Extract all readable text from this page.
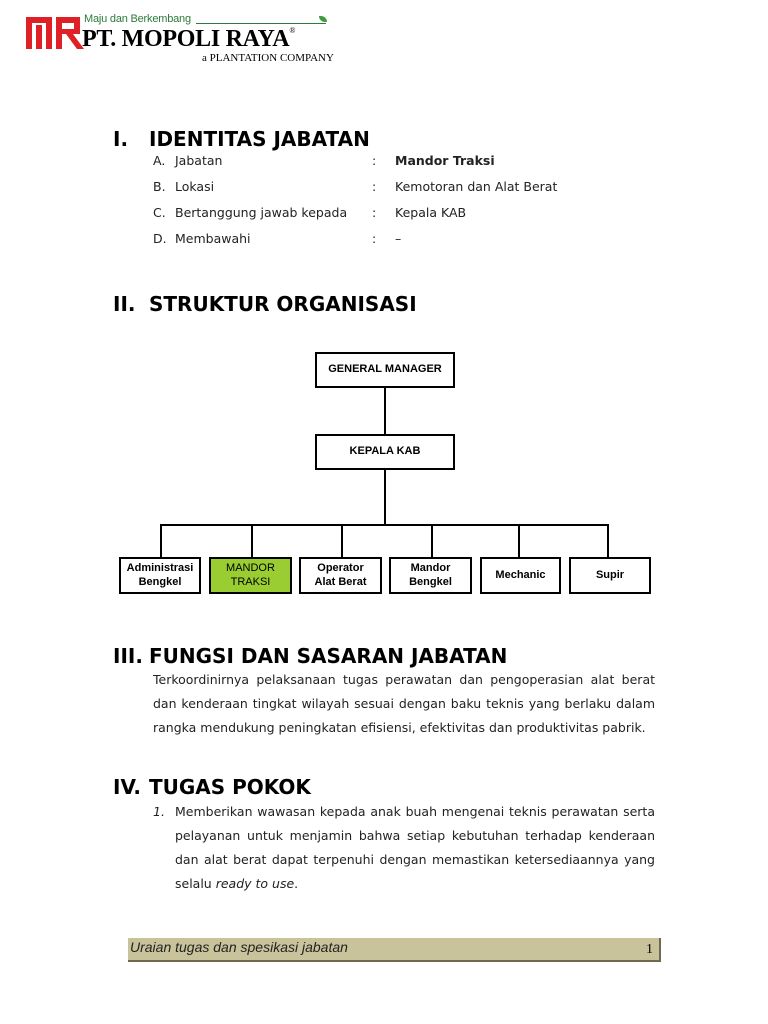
Maju dan Berkembang
PT. MOPOLI RAYA®
a PLANTATION COMPANY
I. IDENTITAS JABATAN
A. Jabatan	: Mandor Traksi
B. Lokasi	: Kemotoran dan Alat Berat
C. Bertanggung jawab kepada : Kepala KAB
D. Membawahi	: –
II. STRUKTUR ORGANISASI
GENERAL MANAGER
KEPALA KAB
Administrasi Bengkel
MANDOR TRAKSI
Operator Alat Berat
Mandor Bengkel
Mechanic	Supir
III. FUNGSI DAN SASARAN JABATAN

Terkoordinirnya pelaksanaan tugas perawatan dan pengoperasian alat berat dan kenderaan tingkat wilayah sesuai dengan baku teknis yang berlaku dalam rangka mendukung peningkatan efisiensi, efektivitas dan produktivitas pabrik.

IV. TUGAS POKOK
1. Memberikan wawasan kepada anak buah mengenai teknis perawatan serta pelayanan untuk menjamin bahwa setiap kebutuhan terhadap kenderaan dan alat berat dapat terpenuhi dengan memastikan ketersediaannya yang selalu ready to use.

Uraian tugas dan spesikasi jabatan	1
